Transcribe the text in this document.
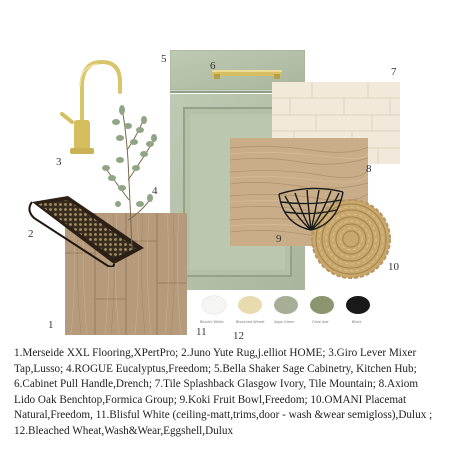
Blissful White	Bleached Wheat	Sage Green	Olive leaf	Black
1
2
3
4
5
6	7
8
9
10
11 12
1.Merseide XXL Flooring,XPertPro; 2.Juno Yute Rug,j.elliot HOME; 3.Giro Lever Mixer Tap,Lusso; 4.ROGUE Eucalyptus,Freedom; 5.Bella Shaker Sage Cabinetry, Kitchen Hub; 6.Cabinet Pull Handle,Drench; 7.Tile Splashback Glasgow Ivory, Tile Mountain; 8.Axiom Lido Oak Benchtop,Formica Group; 9.Koki Fruit Bowl,Freedom; 10.OMANI Placemat Natural,Freedom, 11.Blisful White (ceiling-matt,trims,door - wash &wear semigloss),Dulux ; 12.Bleached Wheat,Wash&Wear,Eggshell,Dulux
